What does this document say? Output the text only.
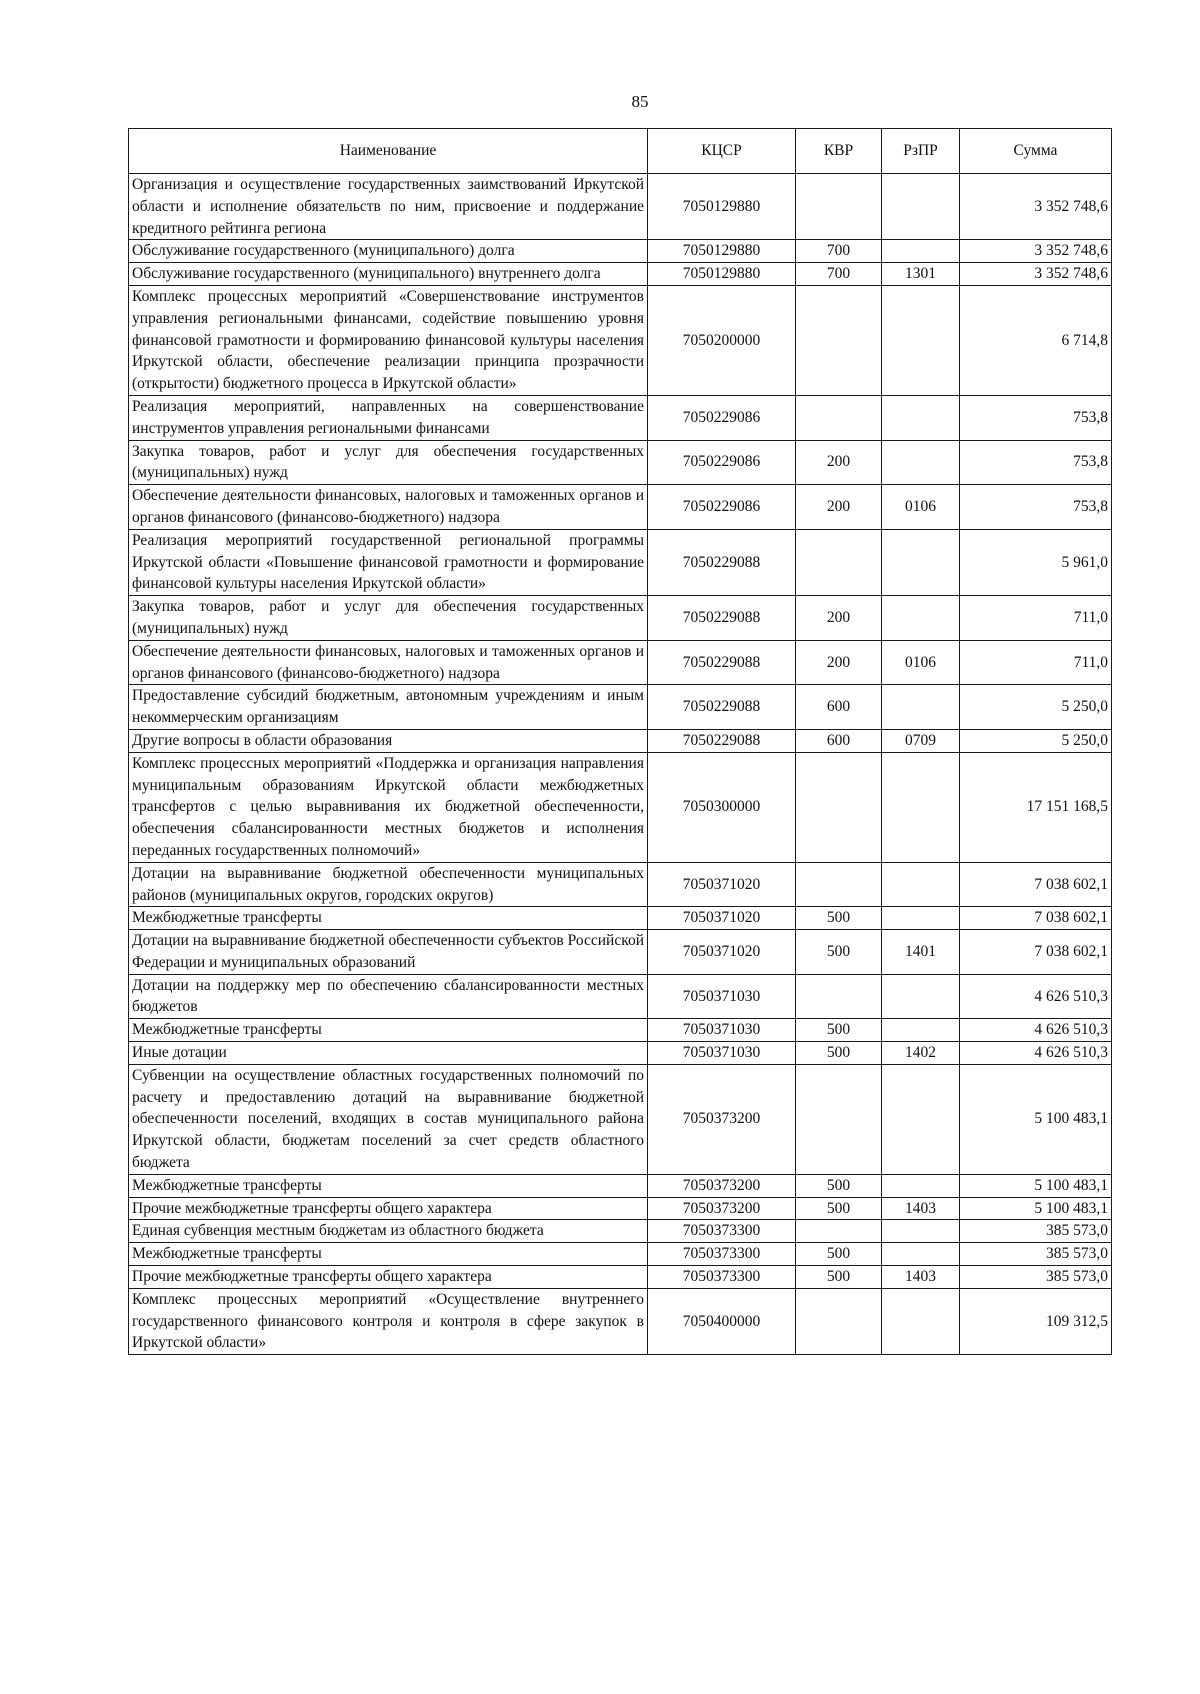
85
Наименование	КЦСР	КВР	РзПР	Сумма
Организация и осуществление государственных заимствований Иркутской области и исполнение обязательств по ним, присвоение и поддержание кредитного рейтинга региона	7050129880			3 352 748,6
Обслуживание государственного (муниципального) долга	7050129880	700		3 352 748,6
Обслуживание государственного (муниципального) внутреннего долга	7050129880	700	1301	3 352 748,6
Комплекс процессных мероприятий «Совершенствование инструментов управления региональными финансами, содействие повышению уровня финансовой грамотности и формированию финансовой культуры населения Иркутской области, обеспечение реализации принципа прозрачности (открытости) бюджетного процесса в Иркутской области»	7050200000			6 714,8
Реализация мероприятий, направленных на совершенствование инструментов управления региональными финансами	7050229086			753,8
Закупка товаров, работ и услуг для обеспечения государственных (муниципальных) нужд	7050229086	200		753,8
Обеспечение деятельности финансовых, налоговых и таможенных органов и органов финансового (финансово-бюджетного) надзора	7050229086	200	0106	753,8
Реализация мероприятий государственной региональной программы Иркутской области «Повышение финансовой грамотности и формирование финансовой культуры населения Иркутской области»	7050229088			5 961,0
Закупка товаров, работ и услуг для обеспечения государственных (муниципальных) нужд	7050229088	200		711,0
Обеспечение деятельности финансовых, налоговых и таможенных органов и органов финансового (финансово-бюджетного) надзора	7050229088	200	0106	711,0
Предоставление субсидий бюджетным, автономным учреждениям и иным некоммерческим организациям	7050229088	600		5 250,0
Другие вопросы в области образования	7050229088	600	0709	5 250,0
Комплекс процессных мероприятий «Поддержка и организация направления муниципальным образованиям Иркутской области межбюджетных трансфертов с целью выравнивания их бюджетной обеспеченности, обеспечения сбалансированности местных бюджетов и исполнения переданных государственных полномочий»	7050300000			17 151 168,5
Дотации на выравнивание бюджетной обеспеченности муниципальных районов (муниципальных округов, городских округов)	7050371020			7 038 602,1
Межбюджетные трансферты	7050371020	500		7 038 602,1
Дотации на выравнивание бюджетной обеспеченности субъектов Российской Федерации и муниципальных образований	7050371020	500	1401	7 038 602,1
Дотации на поддержку мер по обеспечению сбалансированности местных бюджетов	7050371030			4 626 510,3
Межбюджетные трансферты	7050371030	500		4 626 510,3
Иные дотации	7050371030	500	1402	4 626 510,3
Субвенции на осуществление областных государственных полномочий по расчету и предоставлению дотаций на выравнивание бюджетной обеспеченности поселений, входящих в состав муниципального района Иркутской области, бюджетам поселений за счет средств областного бюджета	7050373200			5 100 483,1
Межбюджетные трансферты	7050373200	500		5 100 483,1
Прочие межбюджетные трансферты общего характера	7050373200	500	1403	5 100 483,1
Единая субвенция местным бюджетам из областного бюджета	7050373300			385 573,0
Межбюджетные трансферты	7050373300	500		385 573,0
Прочие межбюджетные трансферты общего характера	7050373300	500	1403	385 573,0
Комплекс процессных мероприятий «Осуществление внутреннего государственного финансового контроля и контроля в сфере закупок в Иркутской области»	7050400000			109 312,5
